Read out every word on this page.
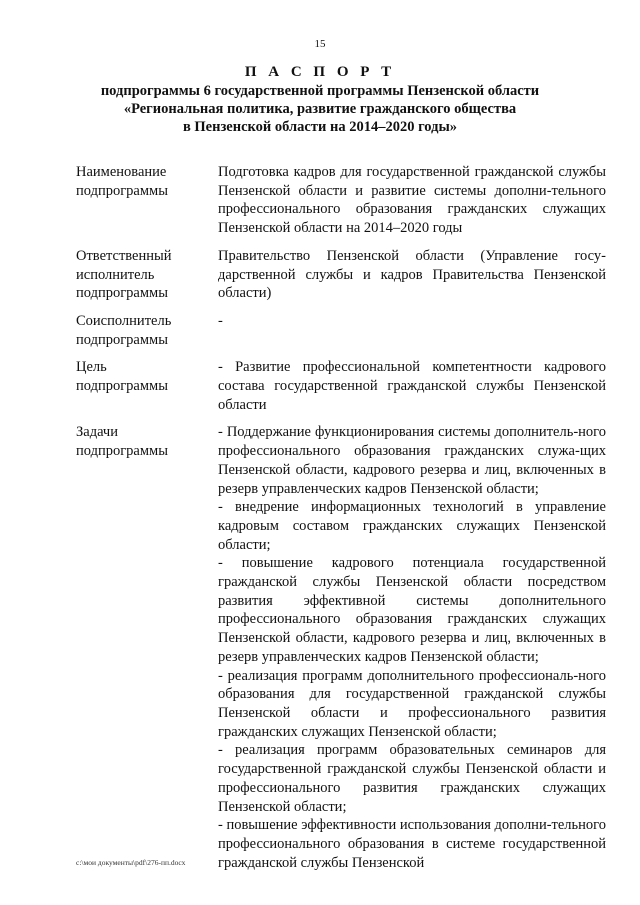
15
П А С П О Р Т
подпрограммы 6 государственной программы Пензенской области
«Региональная политика, развитие гражданского общества
в Пензенской области на 2014–2020 годы»
Наименование
подпрограммы
Подготовка кадров для государственной гражданской службы Пензенской области и развитие системы дополни-тельного профессионального образования гражданских служащих Пензенской области на 2014–2020 годы
Ответственный
исполнитель
подпрограммы
Правительство Пензенской области (Управление госу-дарственной службы и кадров Правительства Пензенской области)
Соисполнитель
подпрограммы
-
Цель
подпрограммы
- Развитие профессиональной компетентности кадрового состава государственной гражданской службы Пензенской области
Задачи
подпрограммы
- Поддержание функционирования системы дополнитель-ного профессионального образования гражданских служа-щих Пензенской области, кадрового резерва и лиц, включенных в резерв управленческих кадров Пензенской области;
- внедрение информационных технологий в управление кадровым составом гражданских служащих Пензенской области;
- повышение кадрового потенциала государственной гражданской службы Пензенской области посредством развития эффективной системы дополнительного профессионального образования гражданских служащих Пензенской области, кадрового резерва и лиц, включенных в резерв управленческих кадров Пензенской области;
- реализация программ дополнительного профессиональ-ного образования для государственной гражданской службы Пензенской области и профессионального развития гражданских служащих Пензенской области;
- реализация программ образовательных семинаров для государственной гражданской службы Пензенской области и профессионального развития гражданских служащих Пензенской области;
- повышение эффективности использования дополни-тельного профессионального образования в системе государственной гражданской службы Пензенской
c:\мои документы\pdf\276-пп.docx
